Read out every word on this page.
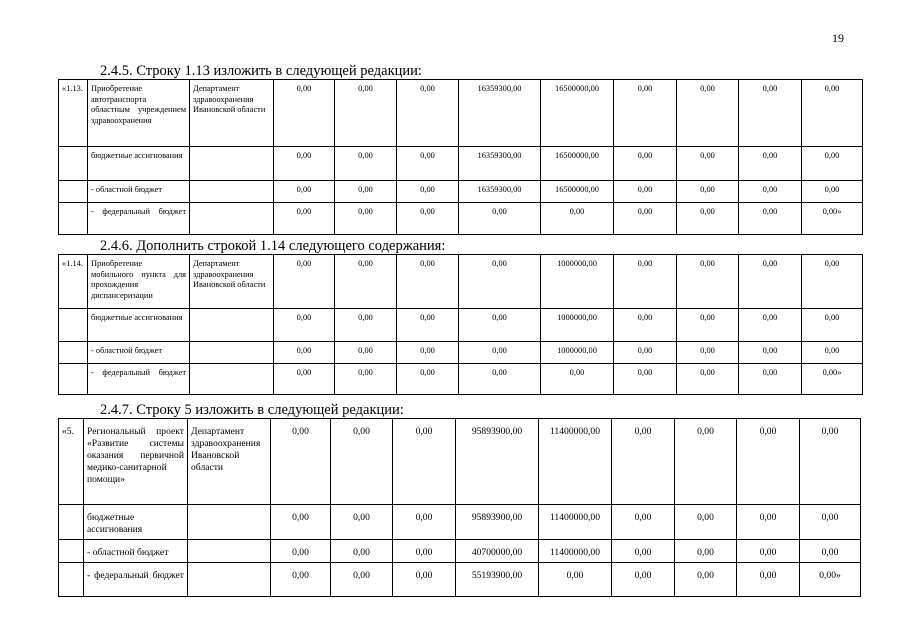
19
2.4.5. Строку 1.13 изложить в следующей редакции:
«1.13.	Приобретение автотранспорта областным учреждением здравоохранения	Департамент здравоохранения Ивановской области	0,00	0,00	0,00	16359300,00	16500000,00	0,00	0,00	0,00	0,00
	бюджетные ассигнования		0,00	0,00	0,00	16359300,00	16500000,00	0,00	0,00	0,00	0,00
	- областной бюджет		0,00	0,00	0,00	16359300,00	16500000,00	0,00	0,00	0,00	0,00
	- федеральный бюджет		0,00	0,00	0,00	0,00	0,00	0,00	0,00	0,00	0,00»
2.4.6. Дополнить строкой 1.14 следующего содержания:
«1.14.	Приобретение мобильного пункта для прохождения диспансеризации	Департамент здравоохранения Ивановской области	0,00	0,00	0,00	0,00	1000000,00	0,00	0,00	0,00	0,00
	бюджетные ассигнования		0,00	0,00	0,00	0,00	1000000,00	0,00	0,00	0,00	0,00
	- областной бюджет		0,00	0,00	0,00	0,00	1000000,00	0,00	0,00	0,00	0,00
	- федеральный бюджет		0,00	0,00	0,00	0,00	0,00	0,00	0,00	0,00	0,00»
2.4.7. Строку 5 изложить в следующей редакции:
«5.	Региональный проект «Развитие системы оказания первичной медико-санитарной помощи»	Департамент здравоохранения Ивановской области	0,00	0,00	0,00	95893900,00	11400000,00	0,00	0,00	0,00	0,00
	бюджетные ассигнования		0,00	0,00	0,00	95893900,00	11400000,00	0,00	0,00	0,00	0,00
	- областной бюджет		0,00	0,00	0,00	40700000,00	11400000,00	0,00	0,00	0,00	0,00
	- федеральный бюджет		0,00	0,00	0,00	55193900,00	0,00	0,00	0,00	0,00	0,00»
